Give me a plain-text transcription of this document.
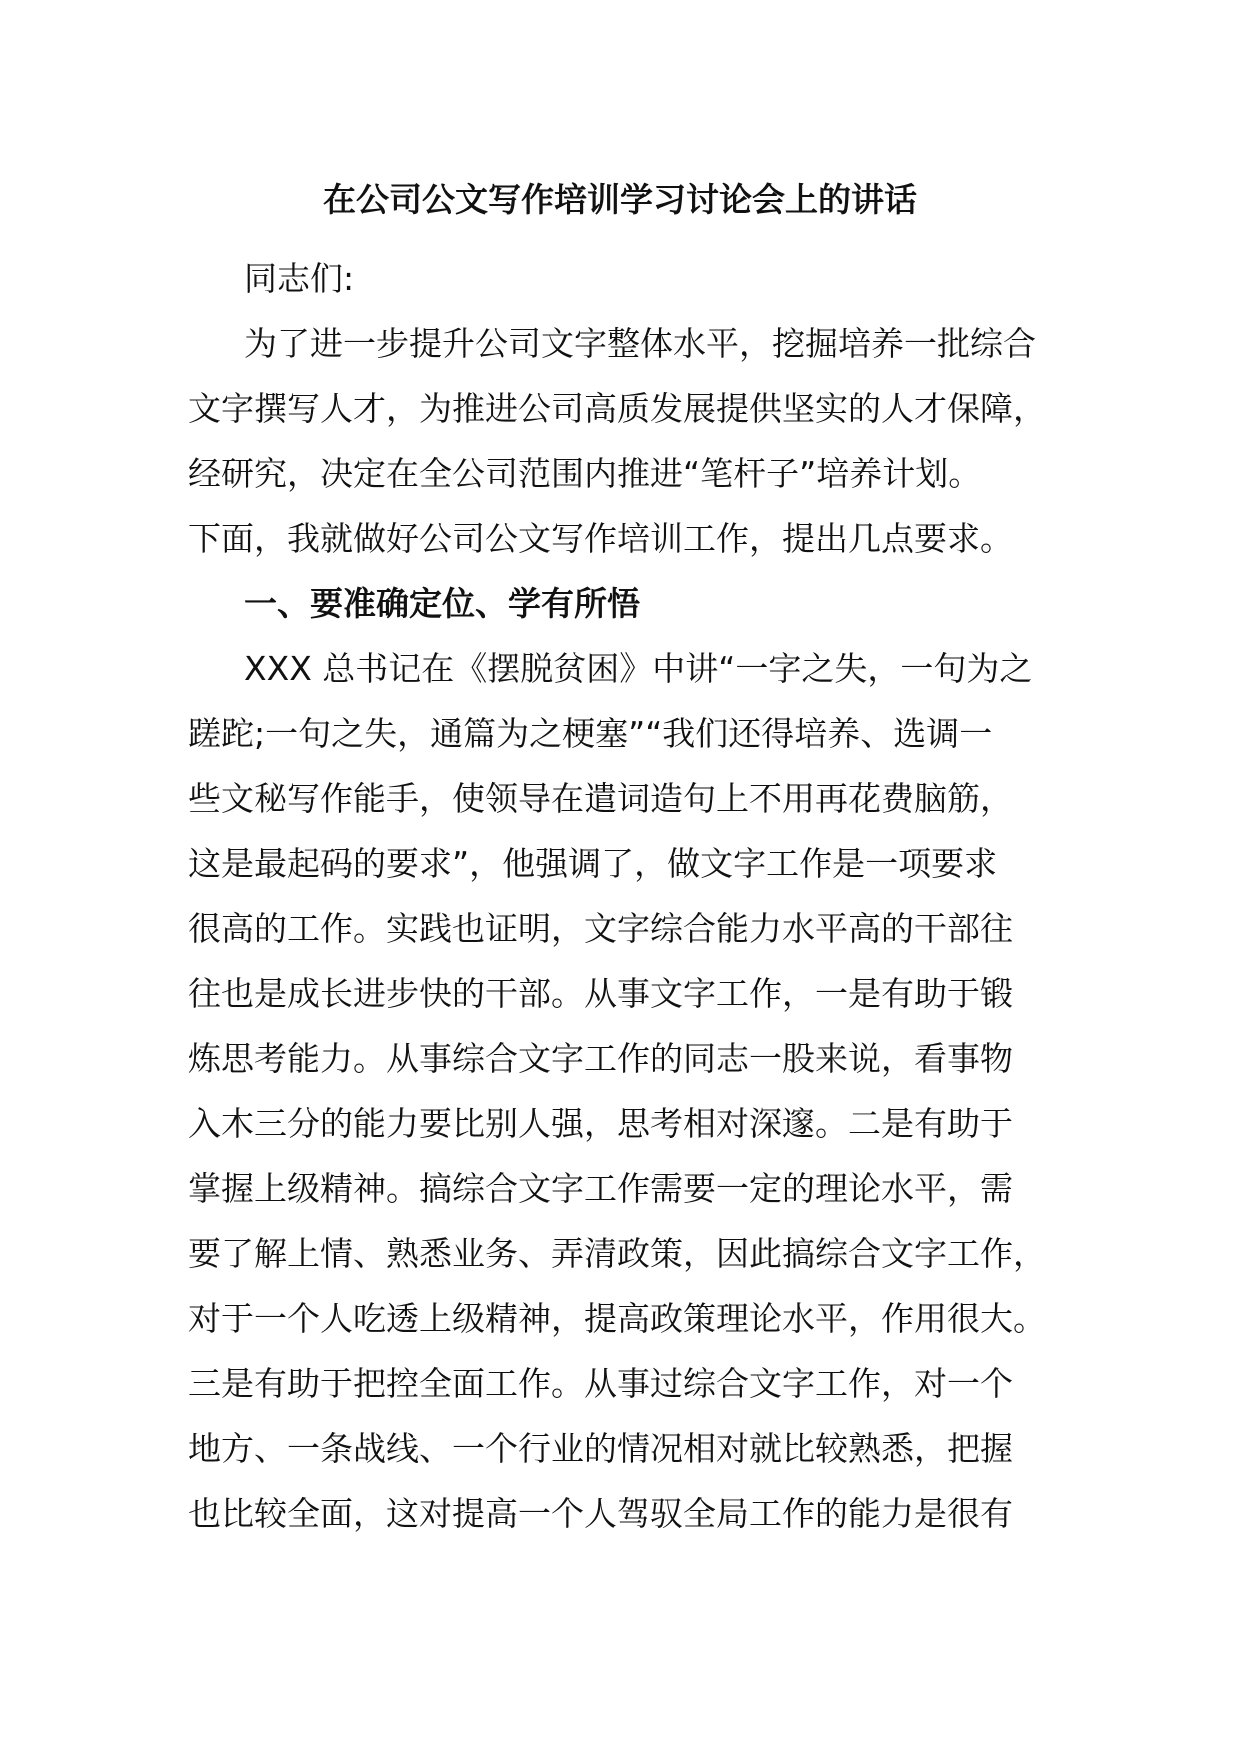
在公司公文写作培训学习讨论会上的讲话
同志们:
为了进一步提升公司文字整体水平，挖掘培养一批综合
文字撰写人才，为推进公司高质发展提供坚实的人才保障，
经研究，决定在全公司范围内推进“笔杆子”培养计划。
下面，我就做好公司公文写作培训工作，提出几点要求。
一、要准确定位、学有所悟
XXX 总书记在《摆脱贫困》中讲“一字之失，一句为之
蹉跎;一句之失，通篇为之梗塞”“我们还得培养、选调一
些文秘写作能手，使领导在遣词造句上不用再花费脑筋，
这是最起码的要求”，他强调了，做文字工作是一项要求
很高的工作。实践也证明，文字综合能力水平高的干部往
往也是成长进步快的干部。从事文字工作，一是有助于锻
炼思考能力。从事综合文字工作的同志一股来说，看事物
入木三分的能力要比别人强，思考相对深邃。二是有助于
掌握上级精神。搞综合文字工作需要一定的理论水平，需
要了解上情、熟悉业务、弄清政策，因此搞综合文字工作，
对于一个人吃透上级精神，提高政策理论水平，作用很大。
三是有助于把控全面工作。从事过综合文字工作，对一个
地方、一条战线、一个行业的情况相对就比较熟悉，把握
也比较全面，这对提高一个人驾驭全局工作的能力是很有
